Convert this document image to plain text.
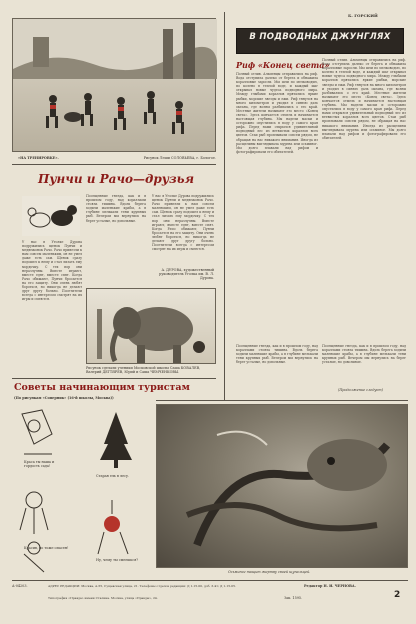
«НА ТРЕНИРОВКЕ».	Рисунок Леши СОЛОВЬЕВА, г. Бологое.
Пунчи и Рачо—друзья
У нас в Уголке Дурова подружились щенок Пунчи и медвежонок Рачо. Рачо привезли к нам совсем маленьким, он не умел даже есть сам. Щенок сразу подошел к нему и стал лизать ему мордочку. С тех пор они неразлучны. Вместе играют, вместе едят, вместе спят. Когда Рачо обижают, Пунчи бросается на его защиту. Они очень любят бороться, но никогда не делают друг другу больно. Посетители всегда с интересом смотрят на их игры и смеются.
Посещенные гнезда, как и в прошлом году, над кораллами стояла тишина. Вдоль берега ходили маленькие крабы, а в глубине мелькали тени крупных рыб. Вечером мы вернулись на берег усталые, но довольные.
У нас в Уголке Дурова подружились щенок Пунчи и медвежонок Рачо. Рачо привезли к нам совсем маленьким, он не умел даже есть сам. Щенок сразу подошел к нему и стал лизать ему мордочку. С тех пор они неразлучны. Вместе играют, вместе едят, вместе спят. Когда Рачо обижают, Пунчи бросается на его защиту. Они очень любят бороться, но никогда не делают друг другу больно. Посетители всегда с интересом смотрят на их игры и смеются.
А. ДУРОВА, художественный руководитель Уголка им. В. Л. Дурова.
Рисунок сделали ученики Московской школы Саша КОВАЛЕВ, Валерий ДЕГТЯРЕВ, Юрий и Саша ЧЕМЧЕНКОВЫ.
Советы начинающим туристам
(По рисункам «Соперник» (16-й школы, Москва))
Краса ты наша и гордость сада!
Старая ель в лесу.
Красив, но тоже опасен!
Ну, чему ты смеешься?
Осьминог тащит жертву своей щупальцей.
Б. ГОРСКИЙ
В ПОДВОДНЫХ ДЖУНГЛЯХ
Риф «Конец света»
Полный отлив. Альменцы отправились на риф. Вода отступила далеко от берега и обнажила коралловые заросли. Мы шли по мелководью, по колено в теплой воде, и каждый шаг открывал новые чудеса подводного мира. Между глыбами кораллов прятались яркие рыбки, морские звезды и ежи. Риф тянулся на много километров и уходил в синюю даль океана, где волны разбивались о его край. Местные жители называют это место «Конец света». Здесь кончается отмель и начинается настоящая глубина. Мы надели маски и осторожно опустились в воду у самого края рифа. Перед нами открылся удивительный подводный лес из ветвистых кораллов всех цветов. Стаи рыб проплывали совсем рядом, не обращая на нас никакого внимания. Иногда из расщелины выглядывала мурена или осьминог. Мы долго плавали над рифом и фотографировали его обитателей.
Полный отлив. Альменцы отправились на риф. Вода отступила далеко от берега и обнажила коралловые заросли. Мы шли по мелководью, по колено в теплой воде, и каждый шаг открывал новые чудеса подводного мира. Между глыбами кораллов прятались яркие рыбки, морские звезды и ежи. Риф тянулся на много километров и уходил в синюю даль океана, где волны разбивались о его край. Местные жители называют это место «Конец света». Здесь кончается отмель и начинается настоящая глубина. Мы надели маски и осторожно опустились в воду у самого края рифа. Перед нами открылся удивительный подводный лес из ветвистых кораллов всех цветов. Стаи рыб проплывали совсем рядом, не обращая на нас никакого внимания. Иногда из расщелины выглядывала мурена или осьминог. Мы долго плавали над рифом и фотографировали его обитателей.
Посещенные гнезда, как и в прошлом году, над кораллами стояла тишина. Вдоль берега ходили маленькие крабы, а в глубине мелькали тени крупных рыб. Вечером мы вернулись на берег усталые, но довольные.
Посещенные гнезда, как и в прошлом году, над кораллами стояла тишина. Вдоль берега ходили маленькие крабы, а в глубине мелькали тени крупных рыб. Вечером мы вернулись на берег усталые, но довольные.
(Продолжение следует)
А-04203.	АДРЕС РЕДАКЦИИ: Москва, А-55, Сущевская улица, 21. Телефоны отделов редакции: Д 1-15-00, доб. 3-41; Д 1-15-05.	Редактор Н. И. ЧЕРНОВА.
Типография «Правда» имени Сталина. Москва, улица «Правды», 24.	Зак. 1595.	2
